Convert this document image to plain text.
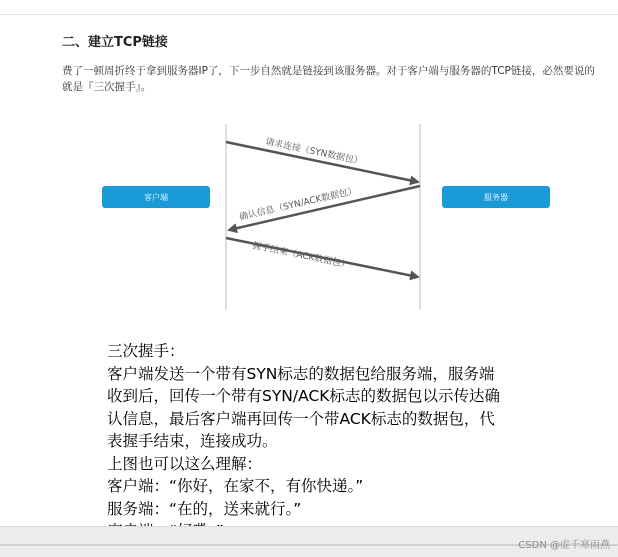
二、建立TCP链接
费了一顿周折终于拿到服务器IP了，下一步自然就是链接到该服务器。对于客户端与服务器的TCP链接，必然要说的就是『三次握手』。
请求连接（SYN数据包）
确认信息（SYN/ACK数据包）
握手结束（ACK数据包）
客户端	服务器

三次握手：

客户端发送一个带有SYN标志的数据包给服务端，服务端

收到后，回传一个带有SYN/ACK标志的数据包以示传达确

认信息，最后客户端再回传一个带ACK标志的数据包，代

表握手结束，连接成功。

上图也可以这么理解：

客户端：“你好，在家不，有你快递。”

服务端：“在的，送来就行。”

CSDN @虚千寒雨燕
